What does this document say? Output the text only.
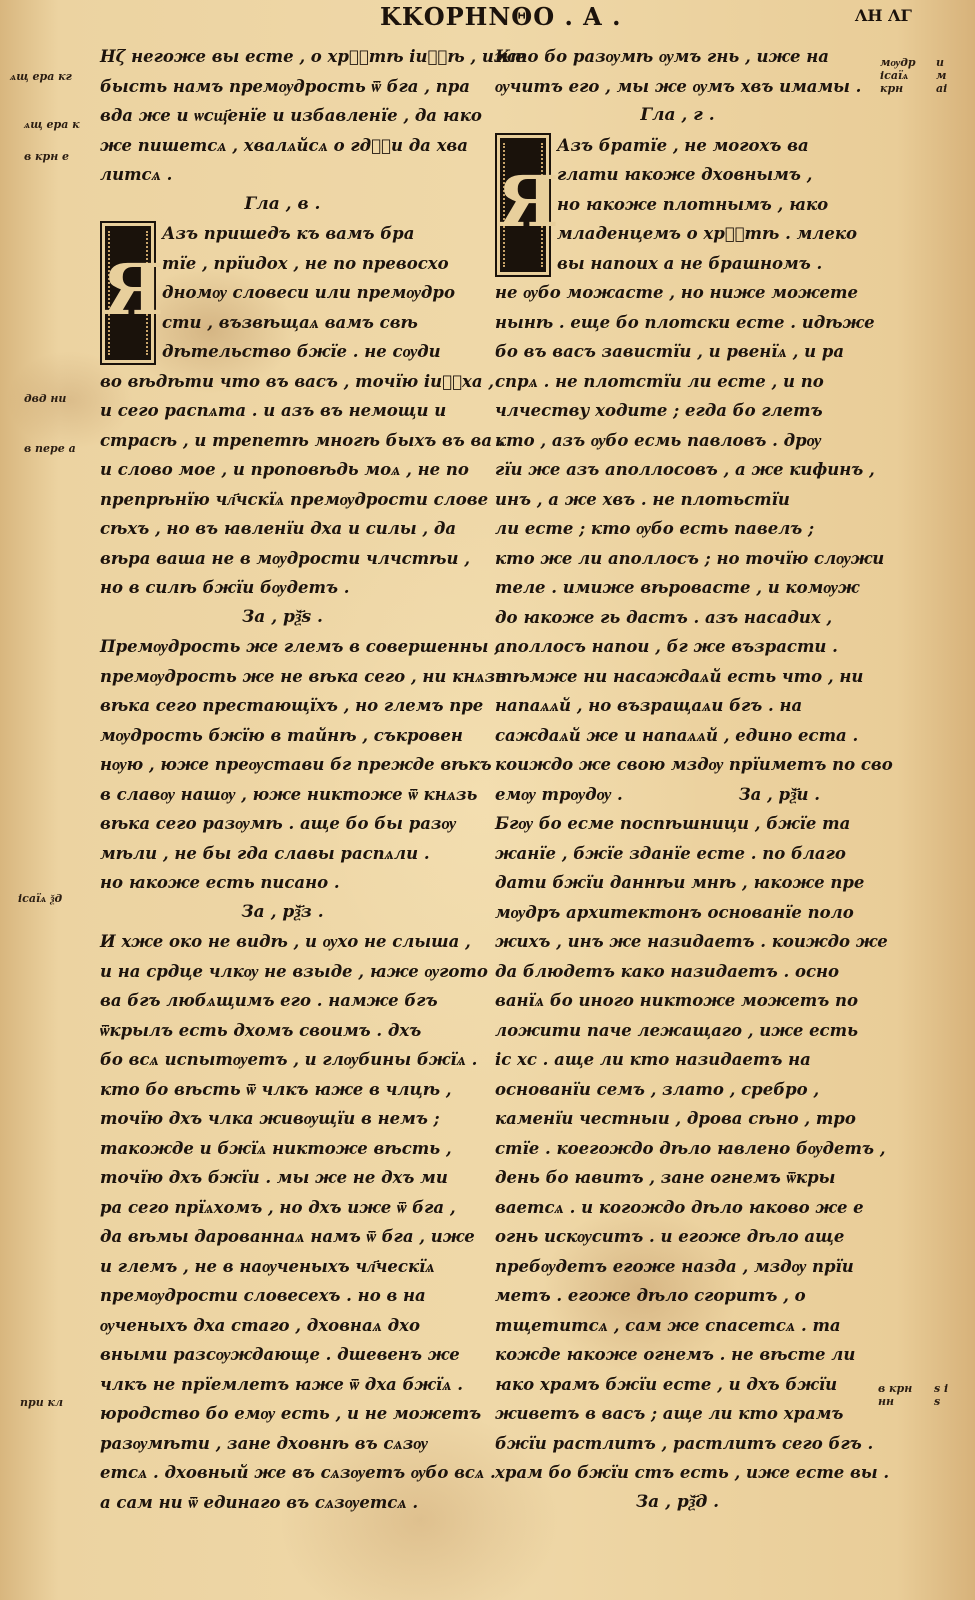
ΚΚΟΡΗΝΘΟ . Α .	ΛΗ ΛΓ
Ηζ негоже вы есте , о хрⷭ҇тѣ іиⷭ҇ѣ , иже
бысть намъ премѹдрость ѿ бга , пра
вда же и ѡсщ҃енїе и избавленїе , да ꙗко
же пишетсѧ , хвалѧйсѧ о гдⷭ҇и да хва
литсѧ .
Гла , в .
Я
Азъ пришедъ къ вамъ бра
тїе , прїидох , не по превосхо
дномѹ словеси или премѹдро
сти , възвѣщаѧ вамъ свѣ
дѣтельство бжїе . не сѹди
во вѣдѣти что въ васъ , точїю іиⷭ҇ха ,
и сего распѧта . и азъ въ немощи и
страсѣ , и трепетѣ многѣ быхъ въ ва .
и слово мое , и проповѣдь моѧ , не по
препрѣнїю чл҃чскїѧ премѹдрости слове
сѣхъ , но въ ꙗвленїи дха и силы , да
вѣра ваша не в мѹдрости члчстѣи ,
но в силѣ бжїи бѹдетъ .
За , рѯ҃ѕ .
Премѹдрость же глемъ в совершенны ,
премѹдрость же не вѣка сего , ни кнѧзь
вѣка сего престающїхъ , но глемъ пре
мѹдрость бжїю в тайнѣ , съкровен
нѹю , юже преѹстави бг прежде вѣкъ
в славѹ нашѹ , юже никтоже ѿ кнѧзь
вѣка сего разѹмѣ . аще бо бы разѹ
мѣли , не бы гда славы распѧли .
но ꙗкоже есть писано .
За , рѯ҃з .
И хже око не видѣ , и ѹхо не слыша ,
и на срдце члкѹ не взыде , ꙗже ѹгото
ва бгъ любѧщимъ его . намже бгъ
ѿкрылъ есть дхомъ своимъ . дхъ
бо всѧ испытѹетъ , и глѹбины бжїѧ .
кто бо вѣсть ѿ члкъ ꙗже в члцѣ ,
точїю дхъ члка живѹщїи в немъ ;
такожде и бжїѧ никтоже вѣсть ,
точїю дхъ бжїи . мы же не дхъ ми
ра сего прїѧхомъ , но дхъ иже ѿ бга ,
да вѣмы дарованнаѧ намъ ѿ бга , иже
и глемъ , не в наѹченыхъ чл҃ческїѧ
премѹдрости словесехъ . но в на
ѹченыхъ дха стаго , дховнаѧ дхо
вными разсѹждающе . дшевенъ же
члкъ не прїемлетъ ꙗже ѿ дха бжїѧ .
юродство бо емѹ есть , и не можетъ
разѹмѣти , зане дховнѣ въ сѧзѹ
етсѧ . дховный же въ сѧзѹетъ ѹбо всѧ .
а сам ни ѿ единаго въ сѧзѹетсѧ .
Кто бо разѹмѣ ѹмъ гнь , иже на
ѹчитъ его , мы же ѹмъ хвъ имамы .
Гла , г .
Я
Азъ братїе , не могохъ ва
глати ꙗкоже дховнымъ ,
но ꙗкоже плотнымъ , ꙗко
младенцемъ о хрⷭ҇тѣ . млеко
вы напоих а не брашномъ .
не ѹбо можасте , но ниже можете
нынѣ . еще бо плотски есте . идѣже
бо въ васъ завистїи , и рвенїѧ , и ра
спрѧ . не плотстїи ли есте , и по
члчеству ходите ; егда бо глетъ
кто , азъ ѹбо есмь павловъ . дрѹ
гїи же азъ аполлосовъ , а же кифинъ ,
инъ , а же хвъ . не плотьстїи
ли есте ; кто ѹбо есть павелъ ;
кто же ли аполлосъ ; но точїю слѹжи
теле . имиже вѣровасте , и комѹж
до ꙗкоже гь дастъ . азъ насадих ,
аполлосъ напои , бг же възрасти .
тѣмже ни насаждаѧй есть что , ни
напаѧѧй , но възращаѧи бгъ . на
саждаѧй же и напаѧѧй , едино еста .
коиждо же свою мздѹ прїиметъ по сво
емѹ трѹдѹ .	За , рѯ҃и .
Бгѹ бо есме поспѣшници , бжїе та
жанїе , бжїе зданїе есте . по благо
дати бжїи даннѣи мнѣ , ꙗкоже пре
мѹдръ архитектонъ основанїе поло
жихъ , инъ же назидаетъ . коиждо же
да блюдетъ како назидаетъ . осно
ванїѧ бо иного никтоже можетъ по
ложити паче лежащаго , иже есть
іс хс . аще ли кто назидаетъ на
основанїи семъ , злато , сребро ,
каменїи честныи , дрова сѣно , тро
стїе . коегождо дѣло ꙗвлено бѹдетъ ,
день бо ꙗвитъ , зане огнемъ ѿкры
ваетсѧ . и когождо дѣло ꙗково же е
огнь искѹситъ . и егоже дѣло аще
пребѹдетъ егоже назда , мздѹ прїи
метъ . егоже дѣло сгоритъ , о
тщетитсѧ , сам же спасетсѧ . та
кожде ꙗкоже огнемъ . не вѣсте ли
ꙗко храмъ бжїи есте , и дхъ бжїи
живетъ в васъ ; аще ли кто храмъ
бжїи растлитъ , растлитъ сего бгъ .
храм бо бжїи стъ есть , иже есте вы .
За , рѯ҃д .
ѧщ ера кг
ѧщ ера к
в крн е
двд ни
в пере а
ісаїѧ ѯд
при кл
мѹдр ісаїѧ крн
и м аі
в крн нн
ѕ і ѕ
